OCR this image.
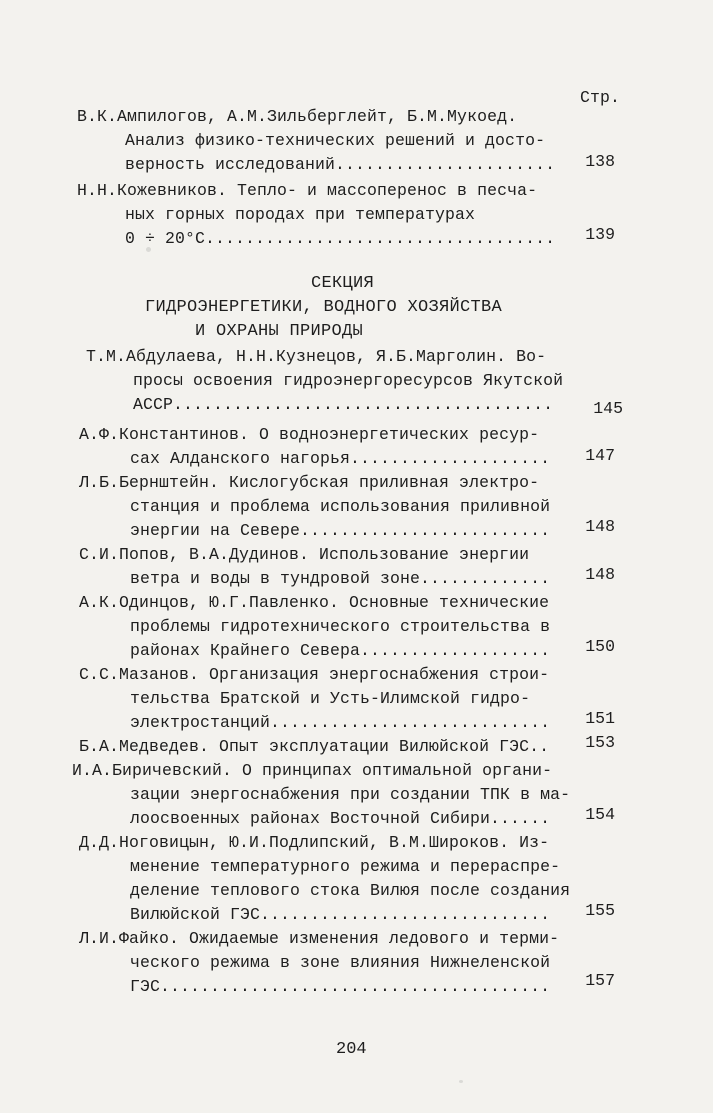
Стр.
В.К.Ампилогов, А.М.Зильберглейт, Б.М.Мукоед.
Анализ физико-технических решений и досто-
верность исследований......................	138
Н.Н.Кожевников. Тепло- и массоперенос в песча-
ных горных породах при температурах
0 ÷ 20°С...................................	139
СЕКЦИЯ
ГИДРОЭНЕРГЕТИКИ, ВОДНОГО ХОЗЯЙСТВА
И ОХРАНЫ ПРИРОДЫ
Т.М.Абдулаева, Н.Н.Кузнецов, Я.Б.Марголин. Во-
просы освоения гидроэнергоресурсов Якутской
АССР......................................	145
А.Ф.Константинов. О водноэнергетических ресур-
сах Алданского нагорья....................	147
Л.Б.Бернштейн. Кислогубская приливная электро-
станция и проблема использования приливной
энергии на Севере.........................	148
С.И.Попов, В.А.Дудинов. Использование энергии
ветра и воды в тундровой зоне.............	148
А.К.Одинцов, Ю.Г.Павленко. Основные технические
проблемы гидротехнического строительства в
районах Крайнего Севера...................	150
С.С.Мазанов. Организация энергоснабжения строи-
тельства Братской и Усть-Илимской гидро-
электростанций............................	151
Б.А.Медведев. Опыт эксплуатации Вилюйской ГЭС..	153
И.А.Биричевский. О принципах оптимальной органи-
зации энергоснабжения при создании ТПК в ма-
лоосвоенных районах Восточной Сибири......	154
Д.Д.Ноговицын, Ю.И.Подлипский, В.М.Широков. Из-
менение температурного режима и перераспре-
деление теплового стока Вилюя после создания
Вилюйской ГЭС.............................	155
Л.И.Файко. Ожидаемые изменения ледового и терми-
ческого режима в зоне влияния Нижнеленской
ГЭС.......................................	157
204
